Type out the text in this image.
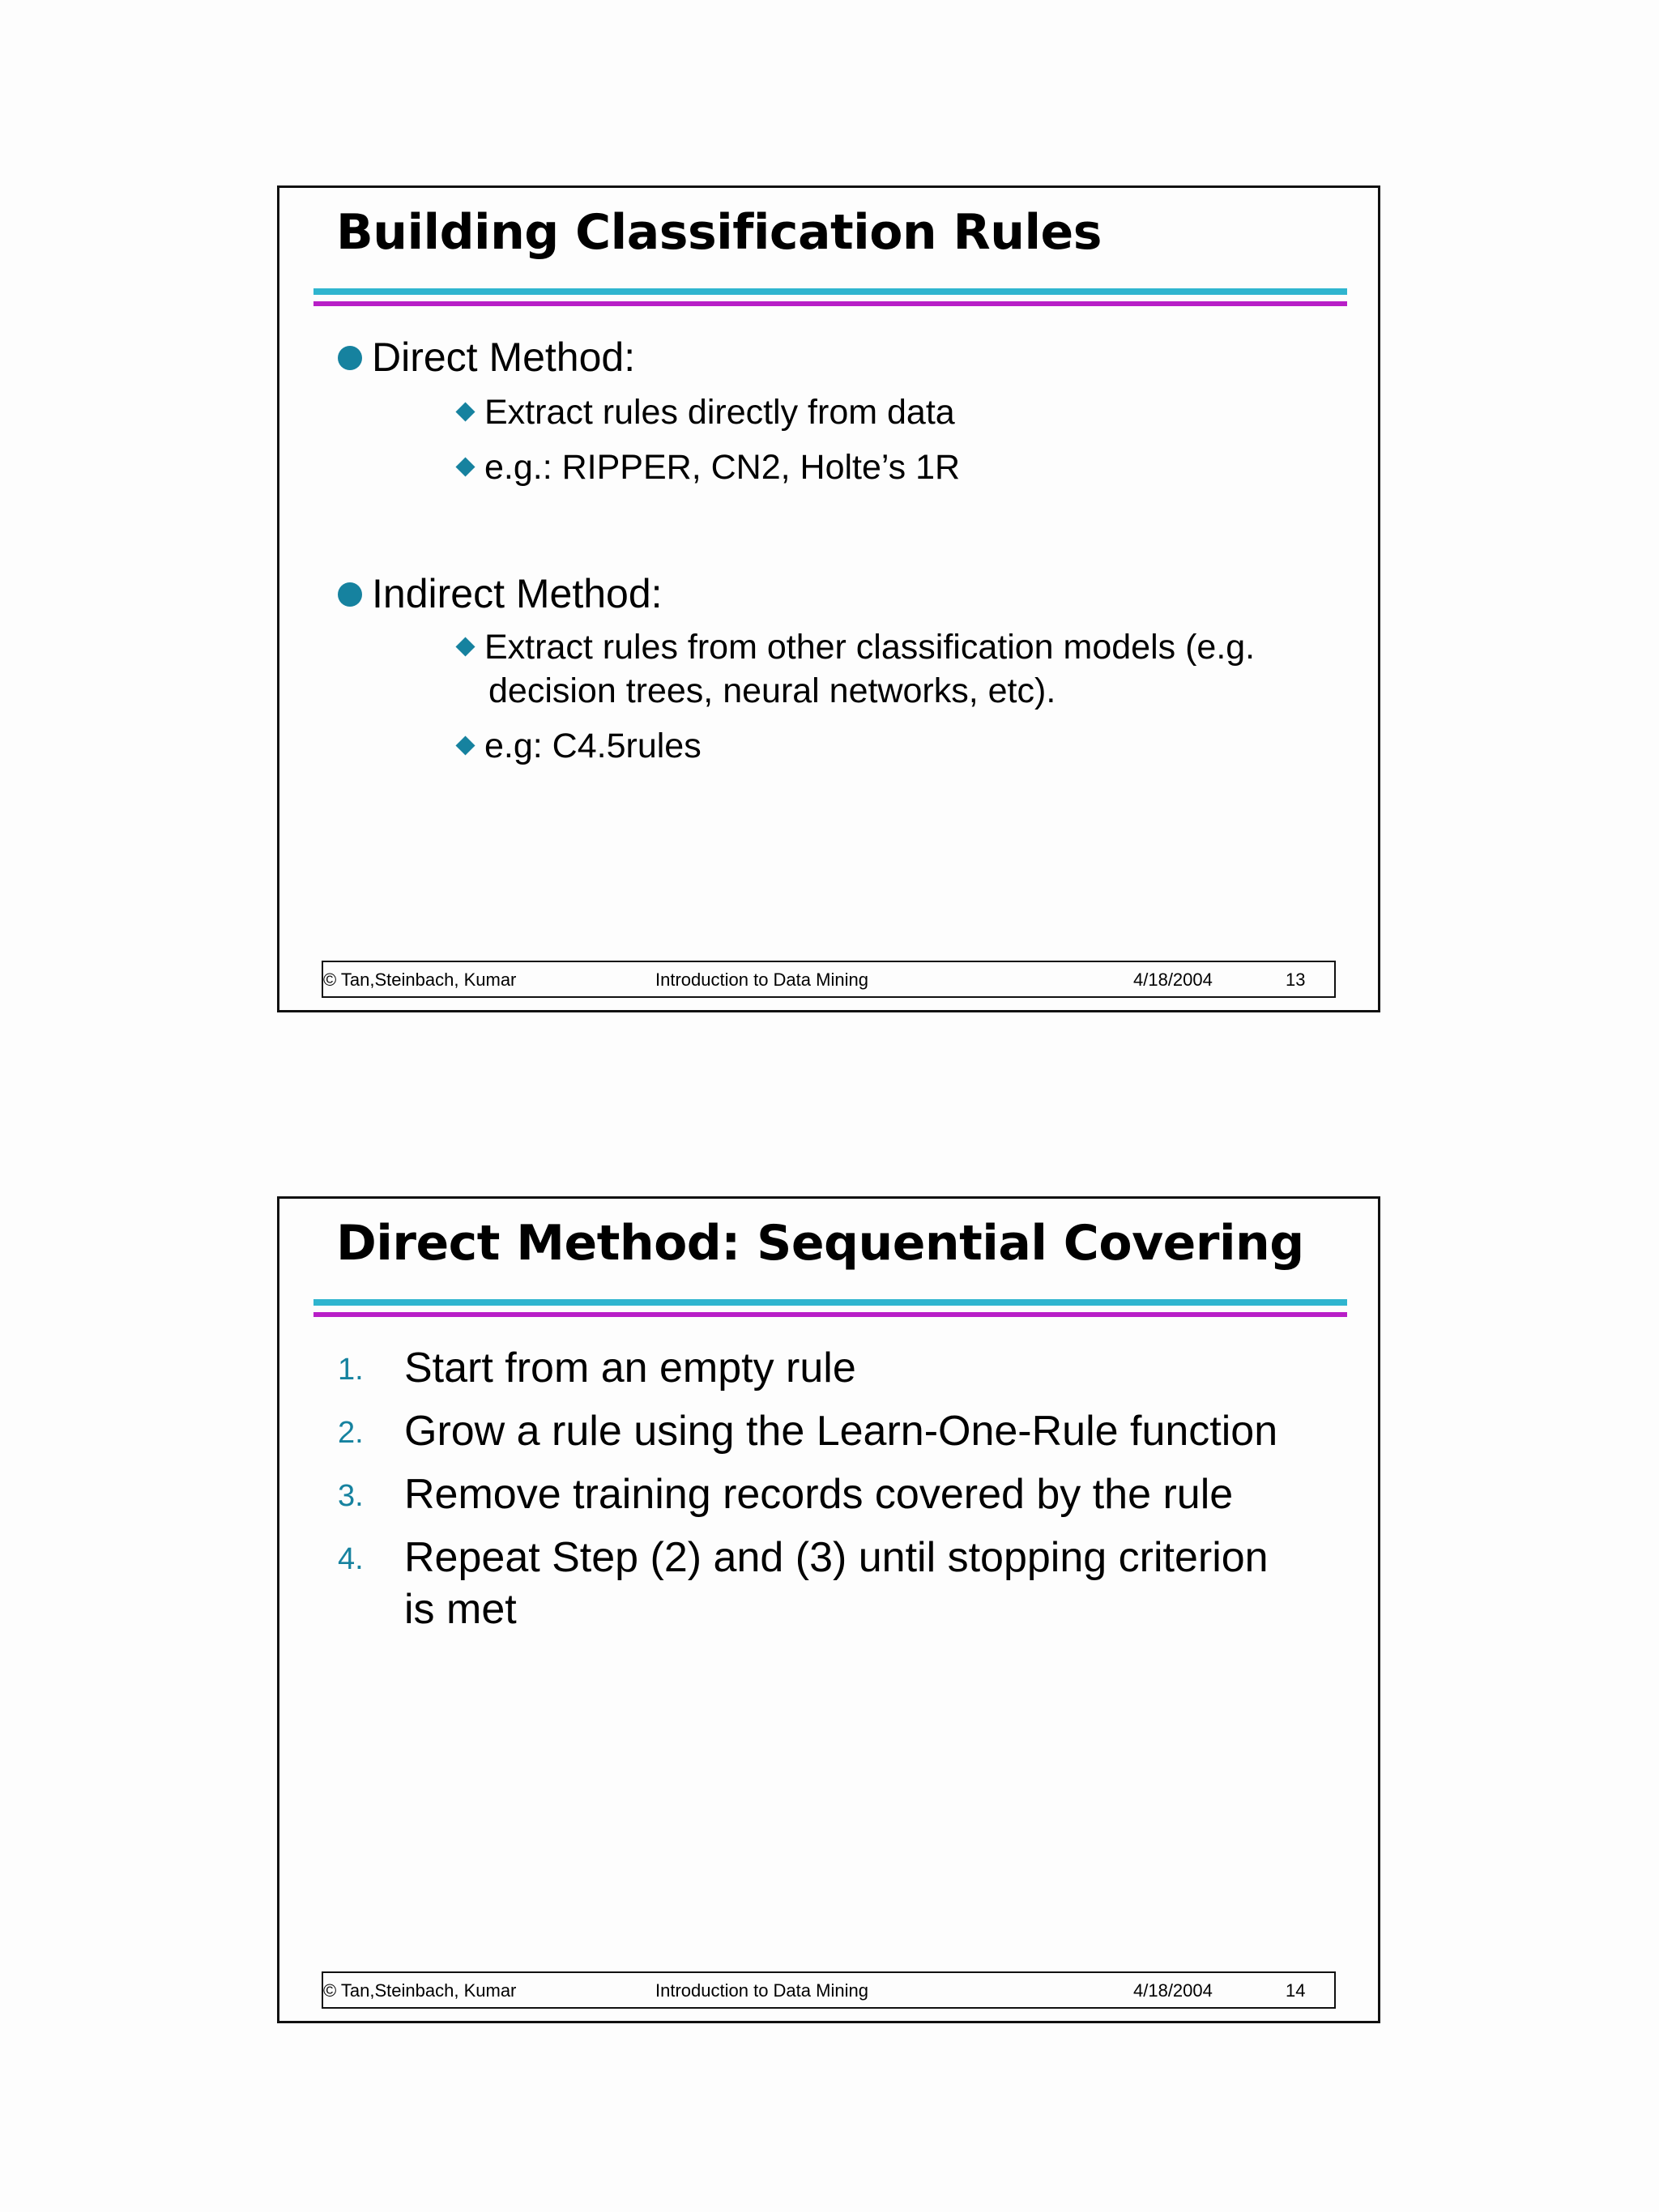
Building Classification Rules
Direct Method:
Extract rules directly from data
e.g.: RIPPER, CN2, Holte’s 1R
Indirect Method:
Extract rules from other classification models (e.g. decision trees, neural networks, etc).
e.g: C4.5rules
© Tan,Steinbach, Kumar	Introduction to Data Mining	4/18/2004	13
Direct Method: Sequential Covering
1. Start from an empty rule
2. Grow a rule using the Learn-One-Rule function
3. Remove training records covered by the rule
4. Repeat Step (2) and (3) until stopping criterion is met
© Tan,Steinbach, Kumar	Introduction to Data Mining	4/18/2004	14
